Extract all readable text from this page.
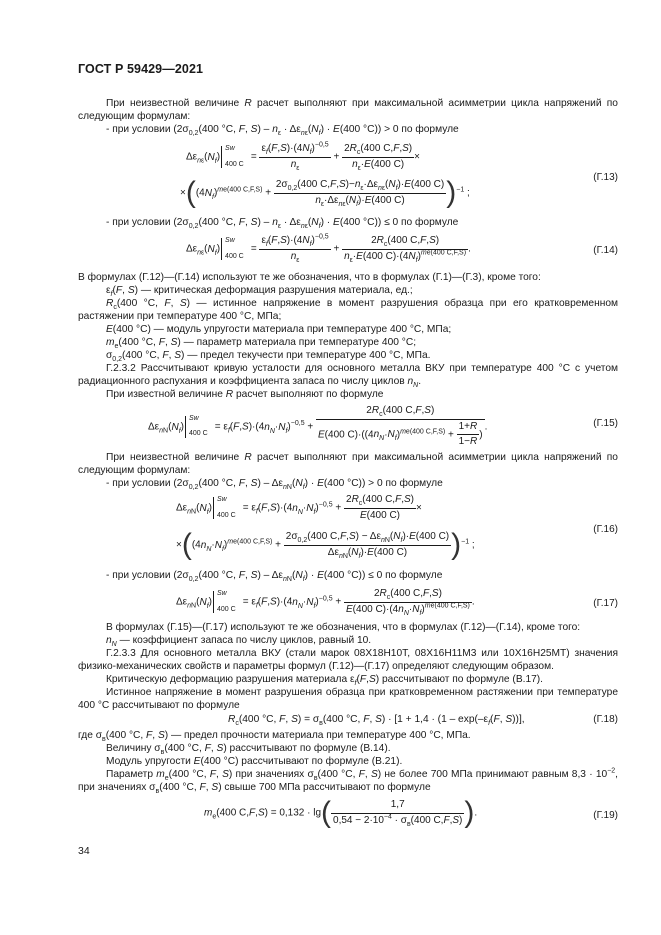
ГОСТ Р 59429—2021
При неизвестной величине R расчет выполняют при максимальной асимметрии цикла напряжений по следующим формулам:
- при условии ($2\sigma_{0,2}(400$ °C, F, $S) - n_\varepsilon \cdot \Delta\varepsilon_{n\varepsilon}(N_f) \cdot E(400$ °C)) > 0 по формуле
$\Delta\varepsilon_{n\varepsilon}(N_f)$
Sw
400 C
= $\frac{\varepsilon_f(F,S)\cdot(4N_f)^{-0,5}}{n_\varepsilon} + \frac{2R_c(400 C,F,S)}{n_\varepsilon\cdot E(400 C)}$ ×
(Г.13)
$\times((4N_f)^{me(400 C,F,S)} + \frac{2\sigma_{0,2}(400 C,F,S)-n_\varepsilon\cdot\Delta\varepsilon_{n\varepsilon}(N_f)\cdot E(400 C)}{n_\varepsilon\cdot\Delta\varepsilon_{n\varepsilon}(N_f)\cdot E(400 C)} )^{-1}$ ;
- при условии ($2\sigma_{0,2}(400$ °C, F, $S) - n_\varepsilon \cdot \Delta\varepsilon_{n\varepsilon}(N_f) \cdot E(400$ °C)) ≤ 0 по формуле
$\Delta\varepsilon_{n\varepsilon}(N_f)$
Sw
400 C
= $\frac{\varepsilon_f(F,S)\cdot(4N_f)^{-0,5}}{n_\varepsilon} + \frac{2R_c(400 C,F,S)}{n_\varepsilon\cdot E(400 C)\cdot(4N_f)^{me(400 C,F,S)}}$ .	(Г.14)
В формулах (Г.12)—(Г.14) используют те же обозначения, что в формулах (Г.1)—(Г.3), кроме того:
$\varepsilon_f(F$, S) — критическая деформация разрушения материала, ед.;
$R_c(400$ °C, F, S) — истинное напряжение в момент разрушения образца при его кратковременном растяжении при температуре 400 °C, МПа;
E(400 °C) — модуль упругости материала при температуре 400 °C, МПа;
$m_e(400$ °C, F, S) — параметр материала при температуре 400 °C;
$\sigma_{0,2}(400$ °C, F, S) — предел текучести при температуре 400 °C, МПа.
Г.2.3.2 Рассчитывают кривую усталости для основного металла ВКУ при температуре 400 °C с учетом радиационного распухания и коэффициента запаса по числу циклов $n_N$.
При известной величине R расчет выполняют по формуле
$\Delta\varepsilon_{nN}(N_f)$
Sw
400 C
= $\varepsilon_f(F,S)\cdot(4n_N\cdot N_f)^{-0,5} + \frac{2R_c(400 C,F,S)}{E(400 C)\cdot((4n_N\cdot N_f)^{me(400 C,F,S)} + \frac{1+R}{1-R} )}$ .	(Г.15)
При неизвестной величине R расчет выполняют при максимальной асимметрии цикла напряжений по следующим формулам:
- при условии ($2\sigma_{0,2}(400$ °C, F, $S) - \Delta\varepsilon_{nN}(N_f) \cdot E(400$ °C)) > 0 по формуле
$\Delta\varepsilon_{nN}(N_f)$
Sw
400 C
= $\varepsilon_f(F,S)\cdot(4n_N\cdot N_f)^{-0,5} + \frac{2R_c(400 C,F,S)}{E(400 C)}$ ×
(Г.16)
$\times((4n_N\cdot N_f)^{me(400 C,F,S)} + \frac{2\sigma_{0,2}(400 C,F,S) - \Delta\varepsilon_{nN}(N_f)\cdot E(400 C)}{\Delta\varepsilon_{nN}(N_f)\cdot E(400 C)} )^{-1}$ ;
- при условии ($2\sigma_{0,2}(400$ °C, F, $S) - \Delta\varepsilon_{nN}(N_f) \cdot E(400$ °C)) ≤ 0 по формуле
$\Delta\varepsilon_{nN}(N_f)$
Sw
400 C
= $\varepsilon_f(F,S)\cdot(4n_N\cdot N_f)^{-0,5} + \frac{2R_c(400 C,F,S)}{E(400 C)\cdot(4n_N\cdot N_f)^{me(400 C,F,S)}}$ .	(Г.17)
В формулах (Г.15)—(Г.17) используют те же обозначения, что в формулах (Г.12)—(Г.14), кроме того:
$n_N$ — коэффициент запаса по числу циклов, равный 10.
Г.2.3.3 Для основного металла ВКУ (стали марок 08Х18Н10Т, 08Х16Н11М3 или 10Х16Н25МТ) значения физико-механических свойств и параметры формул (Г.12)—(Г.17) определяют следующим образом.
Критическую деформацию разрушения материала $\varepsilon_f(F,S)$ рассчитывают по формуле (В.17).
Истинное напряжение в момент разрушения образца при кратковременном растяжении при температуре 400 °C рассчитывают по формуле
$R_c(400$ °C, F, $S) = \sigma_в(400$ °C, F, $S) \cdot [1 + 1,4 \cdot (1 - \exp(-\varepsilon_f(F$, S))],	(Г.18)
где $\sigma_в(400$ °C, F, S) — предел прочности материала при температуре 400 °C, МПа.
Величину $\sigma_в(400$ °C, F, S) рассчитывают по формуле (В.14).
Модуль упругости E(400 °C) рассчитывают по формуле (В.21).
Параметр $m_e(400$ °C, F, S) при значениях $\sigma_в(400$ °C, F, S) не более 700 МПа принимают равным $8,3 \cdot 10^{-2}$, при значениях $\sigma_в(400$ °C, F, S) свыше 700 МПа рассчитывают по формуле
$m_e(400$ $C,F,S) = 0,132 \cdot \lg( \frac{1,7}{0,54 - 2\cdot 10^{-4} \cdot \sigma_в(400 C,F,S)}$ ).	(Г.19)
34
